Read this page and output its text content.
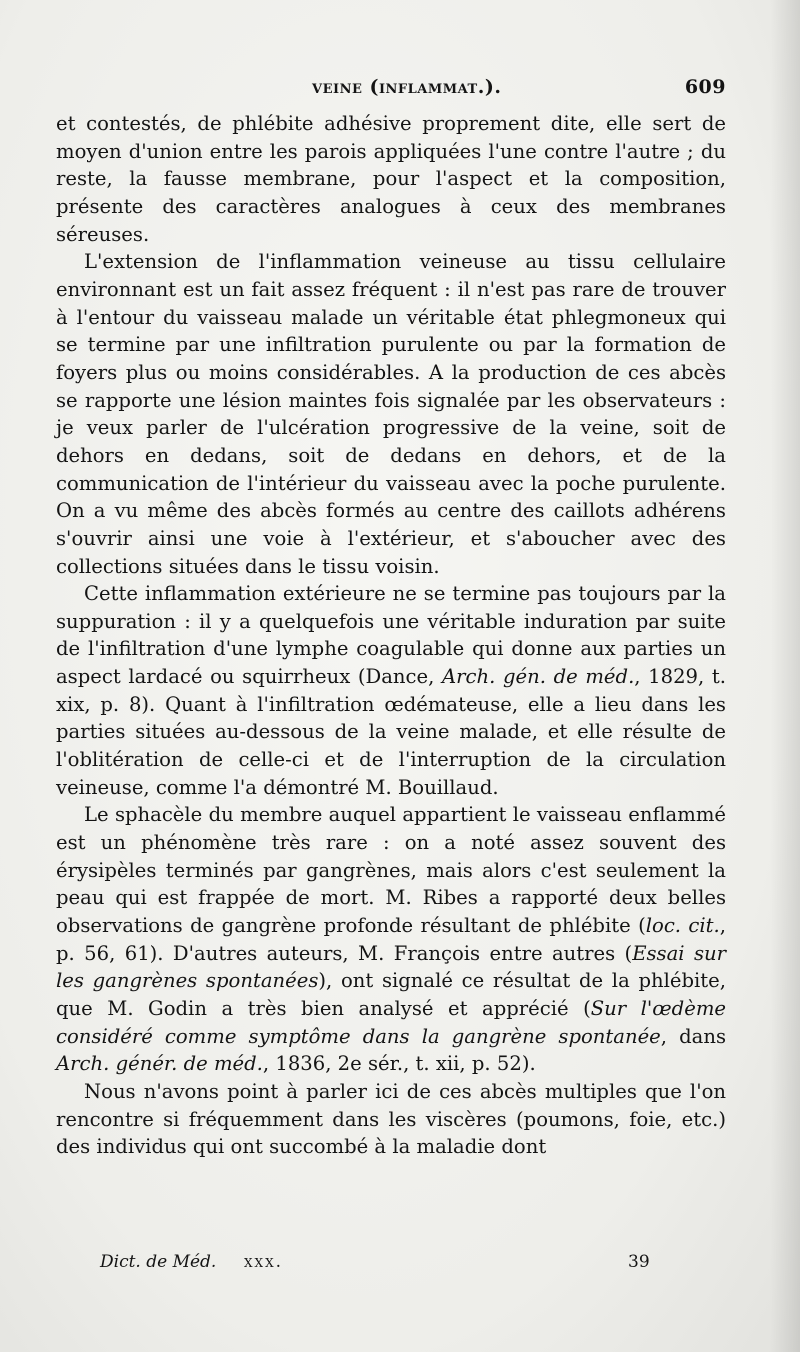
veine (inflammat.).	609

et contestés, de phlébite adhésive proprement dite, elle sert de moyen d'union entre les parois appliquées l'une contre l'autre ; du reste, la fausse membrane, pour l'aspect et la composition, présente des caractères analogues à ceux des membranes séreuses.

L'extension de l'inflammation veineuse au tissu cellulaire environnant est un fait assez fréquent : il n'est pas rare de trouver à l'entour du vaisseau malade un véritable état phlegmoneux qui se termine par une infiltration purulente ou par la formation de foyers plus ou moins considérables. A la production de ces abcès se rapporte une lésion maintes fois signalée par les observateurs : je veux parler de l'ulcération progressive de la veine, soit de dehors en dedans, soit de dedans en dehors, et de la communication de l'intérieur du vaisseau avec la poche purulente. On a vu même des abcès formés au centre des caillots adhérens s'ouvrir ainsi une voie à l'extérieur, et s'aboucher avec des collections situées dans le tissu voisin.

Cette inflammation extérieure ne se termine pas toujours par la suppuration : il y a quelquefois une véritable induration par suite de l'infiltration d'une lymphe coagulable qui donne aux parties un aspect lardacé ou squirrheux (Dance, Arch. gén. de méd., 1829, t. xix, p. 8). Quant à l'infiltration œdémateuse, elle a lieu dans les parties situées au-dessous de la veine malade, et elle résulte de l'oblitération de celle-ci et de l'interruption de la circulation veineuse, comme l'a démontré M. Bouillaud.

Le sphacèle du membre auquel appartient le vaisseau enflammé est un phénomène très rare : on a noté assez souvent des érysipèles terminés par gangrènes, mais alors c'est seulement la peau qui est frappée de mort. M. Ribes a rapporté deux belles observations de gangrène profonde résultant de phlébite (loc. cit., p. 56, 61). D'autres auteurs, M. François entre autres (Essai sur les gangrènes spontanées), ont signalé ce résultat de la phlébite, que M. Godin a très bien analysé et apprécié (Sur l'œdème considéré comme symptôme dans la gangrène spontanée, dans Arch. génér. de méd., 1836, 2e sér., t. xii, p. 52).

Nous n'avons point à parler ici de ces abcès multiples que l'on rencontre si fréquemment dans les viscères (poumons, foie, etc.) des individus qui ont succombé à la maladie dont

Dict. de Méd. xxx.	39
